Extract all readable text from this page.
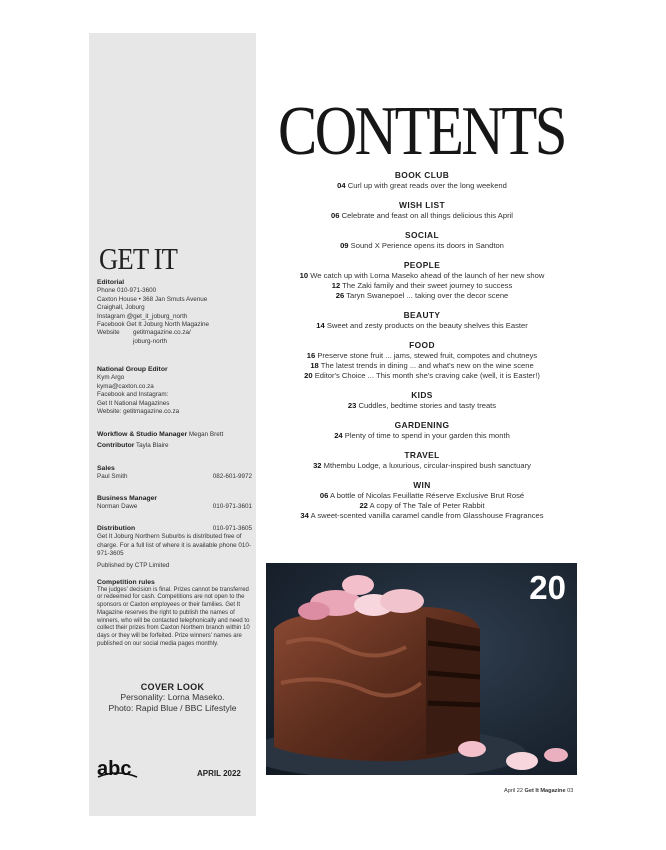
GET IT
Editorial
Phone 010-971-3600
Caxton House • 368 Jan Smuts Avenue
Craighall, Joburg
Instagram @get_it_joburg_north
Facebook Get It Joburg North Magazine
Website	getitmagazine.co.za/
joburg-north
National Group Editor
Kym Argo
kyma@caxton.co.za
Facebook and Instagram:
Get It National Magazines
Website: getitmagazine.co.za
Workflow & Studio Manager Megan Brett
Contributor Tayla Blaire
Sales
Paul Smith	082-601-9972
Business Manager
Norman Dawe	010-971-3601
Distribution	010-971-3605
Get It Joburg Northern Suburbs is distributed free of charge. For a full list of where it is available phone 010-971-3605
Published by CTP Limited
Competition rules
The judges' decision is final. Prizes cannot be transferred or redeemed for cash. Competitions are not open to the sponsors or Caxton employees or their families. Get It Magazine reserves the right to publish the names of winners, who will be contacted telephonically and need to collect their prizes from Caxton Northern branch within 10 days or they will be forfeited. Prize winners' names are published on our social media pages monthly.
COVER LOOK
Personality: Lorna Maseko.
Photo: Rapid Blue / BBC Lifestyle
abc	APRIL 2022
CONTENTS
BOOK CLUB
04 Curl up with great reads over the long weekend
WISH LIST
06 Celebrate and feast on all things delicious this April
SOCIAL
09 Sound X Perience opens its doors in Sandton
PEOPLE
10 We catch up with Lorna Maseko ahead of the launch of her new show
12 The Zaki family and their sweet journey to success
26 Taryn Swanepoel ... taking over the decor scene
BEAUTY
14 Sweet and zesty products on the beauty shelves this Easter
FOOD
16 Preserve stone fruit ... jams, stewed fruit, compotes and chutneys
18 The latest trends in dining ... and what's new on the wine scene
20 Editor's Choice ... This month she's craving cake (well, it is Easter!)
KIDS
23 Cuddles, bedtime stories and tasty treats
GARDENING
24 Plenty of time to spend in your garden this month
TRAVEL
32 Mthembu Lodge, a luxurious, circular-inspired bush sanctuary
WIN
06 A bottle of Nicolas Feuillatte Réserve Exclusive Brut Rosé
22 A copy of The Tale of Peter Rabbit
34 A sweet-scented vanilla caramel candle from Glasshouse Fragrances
20
April 22 Get It Magazine 03
